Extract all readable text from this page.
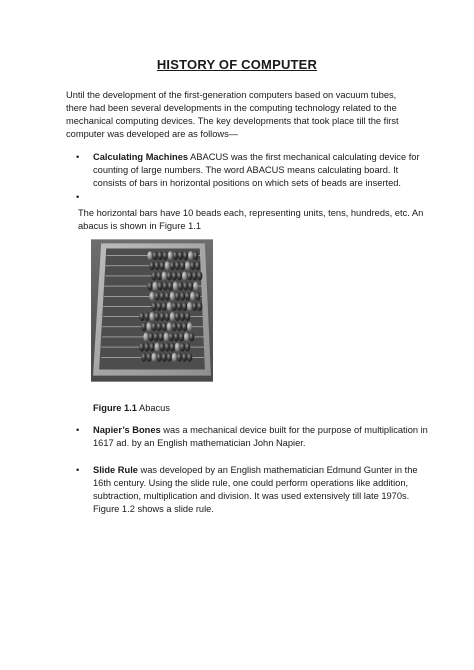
HISTORY OF COMPUTER
Until the development of the first-generation computers based on vacuum tubes, there had been several developments in the computing technology related to the mechanical computing devices. The key developments that took place till the first computer was developed are as follows—
• Calculating Machines ABACUS was the first mechanical calculating device for counting of large numbers. The word ABACUS means calculating board. It consists of bars in horizontal positions on which sets of beads are inserted.
•
The horizontal bars have 10 beads each, representing units, tens, hundreds, etc. An abacus is shown in Figure 1.1
Figure 1.1 Abacus
• Napier’s Bones was a mechanical device built for the purpose of multiplication in 1617 ad. by an English mathematician John Napier.
• Slide Rule was developed by an English mathematician Edmund Gunter in the 16th century. Using the slide rule, one could perform operations like addition, subtraction, multiplication and division. It was used extensively till late 1970s. Figure 1.2 shows a slide rule.
